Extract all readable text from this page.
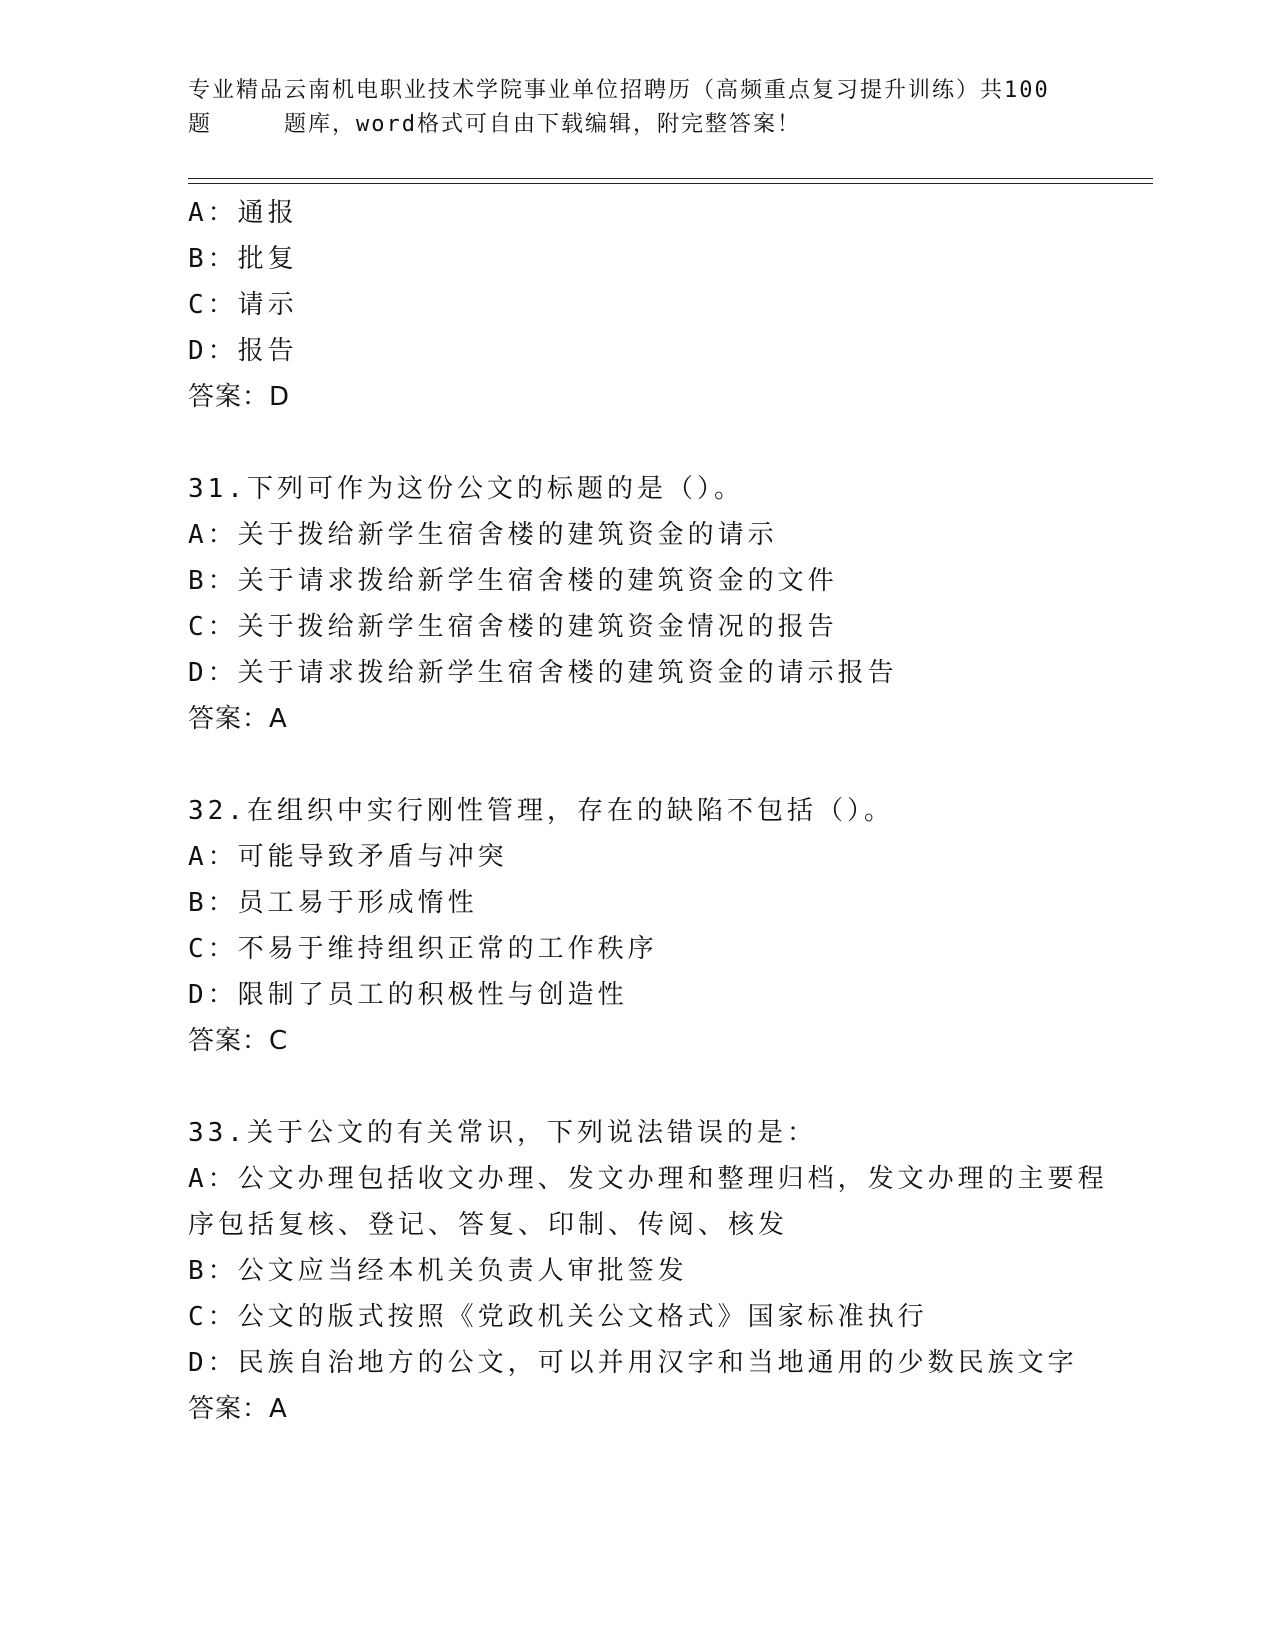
专业精品云南机电职业技术学院事业单位招聘历（高频重点复习提升训练）共100
题	题库，word格式可自由下载编辑，附完整答案！
A：通报
B：批复
C：请示
D：报告
答案：D
31.下列可作为这份公文的标题的是（）。
A：关于拨给新学生宿舍楼的建筑资金的请示
B：关于请求拨给新学生宿舍楼的建筑资金的文件
C：关于拨给新学生宿舍楼的建筑资金情况的报告
D：关于请求拨给新学生宿舍楼的建筑资金的请示报告
答案：A
32.在组织中实行刚性管理，存在的缺陷不包括（）。
A：可能导致矛盾与冲突
B：员工易于形成惰性
C：不易于维持组织正常的工作秩序
D：限制了员工的积极性与创造性
答案：C
33.关于公文的有关常识，下列说法错误的是：
A：公文办理包括收文办理、发文办理和整理归档，发文办理的主要程
序包括复核、登记、答复、印制、传阅、核发
B：公文应当经本机关负责人审批签发
C：公文的版式按照《党政机关公文格式》国家标准执行
D：民族自治地方的公文，可以并用汉字和当地通用的少数民族文字
答案：A
